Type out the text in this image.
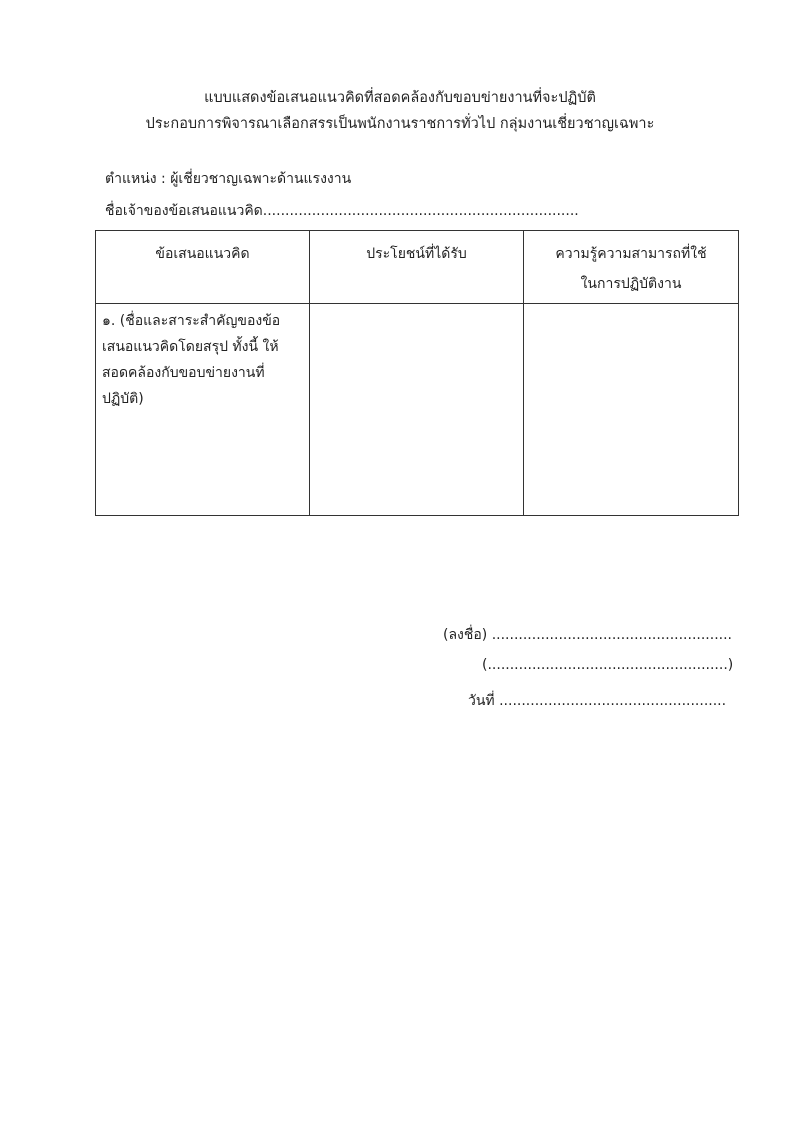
แบบแสดงข้อเสนอแนวคิดที่สอดคล้องกับขอบข่ายงานที่จะปฏิบัติ
ประกอบการพิจารณาเลือกสรรเป็นพนักงานราชการทั่วไป กลุ่มงานเชี่ยวชาญเฉพาะ
ตำแหน่ง : ผู้เชี่ยวชาญเฉพาะด้านแรงงาน
ชื่อเจ้าของข้อเสนอแนวคิด.......................................................................
ข้อเสนอแนวคิด	ประโยชน์ที่ได้รับ	ความรู้ความสามารถที่ใช้
ในการปฏิบัติงาน

๑. (ชื่อและสาระสำคัญของข้อเสนอแนวคิดโดยสรุป ทั้งนี้ ให้สอดคล้องกับขอบข่ายงานที่ปฏิบัติ)		
(ลงชื่อ) ......................................................
(......................................................)
วันที่ ...................................................
